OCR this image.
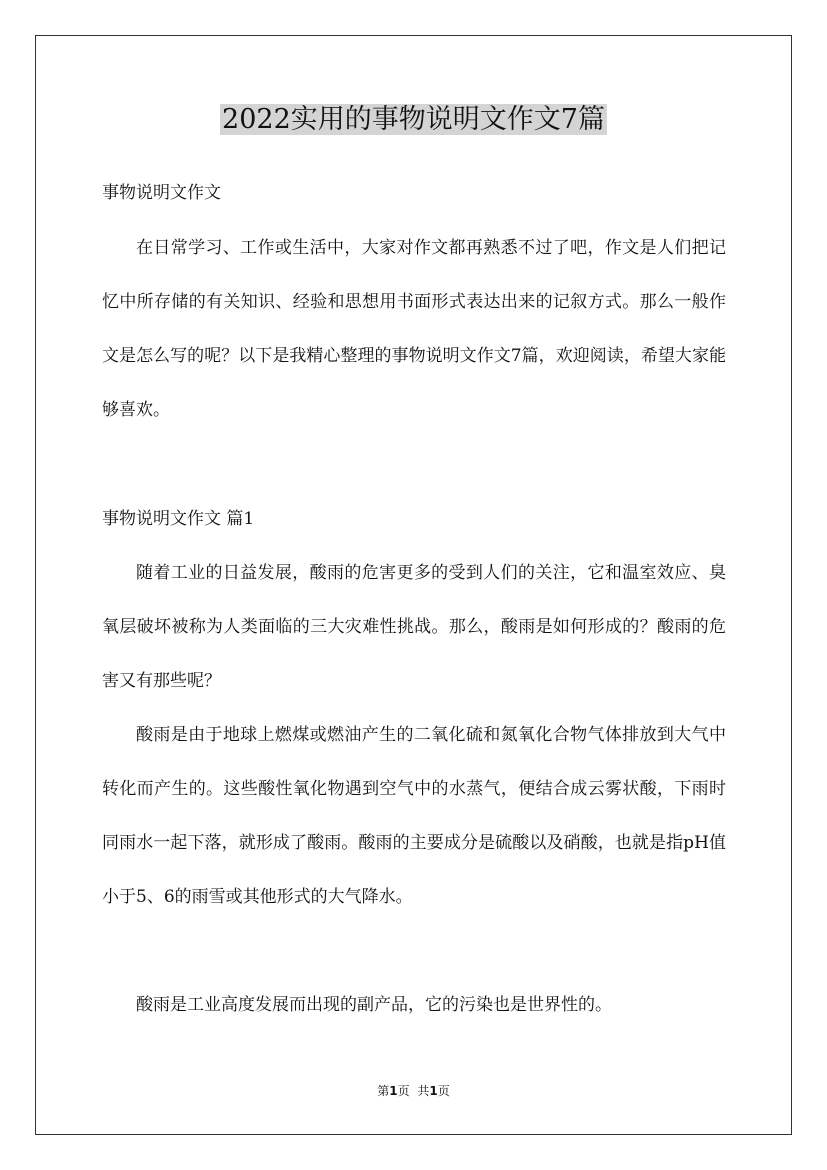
2022实用的事物说明文作文7篇
事物说明文作文

在日常学习、工作或生活中，大家对作文都再熟悉不过了吧，作文是人们把记忆中所存储的有关知识、经验和思想用书面形式表达出来的记叙方式。那么一般作文是怎么写的呢？以下是我精心整理的事物说明文作文7篇，欢迎阅读，希望大家能够喜欢。

事物说明文作文 篇1

随着工业的日益发展，酸雨的危害更多的受到人们的关注，它和温室效应、臭氧层破坏被称为人类面临的三大灾难性挑战。那么，酸雨是如何形成的？酸雨的危害又有那些呢？

酸雨是由于地球上燃煤或燃油产生的二氧化硫和氮氧化合物气体排放到大气中转化而产生的。这些酸性氧化物遇到空气中的水蒸气，便结合成云雾状酸，下雨时同雨水一起下落，就形成了酸雨。酸雨的主要成分是硫酸以及硝酸，也就是指pH值小于5、6的雨雪或其他形式的大气降水。

酸雨是工业高度发展而出现的副产品，它的污染也是世界性的。

第1页 共1页
